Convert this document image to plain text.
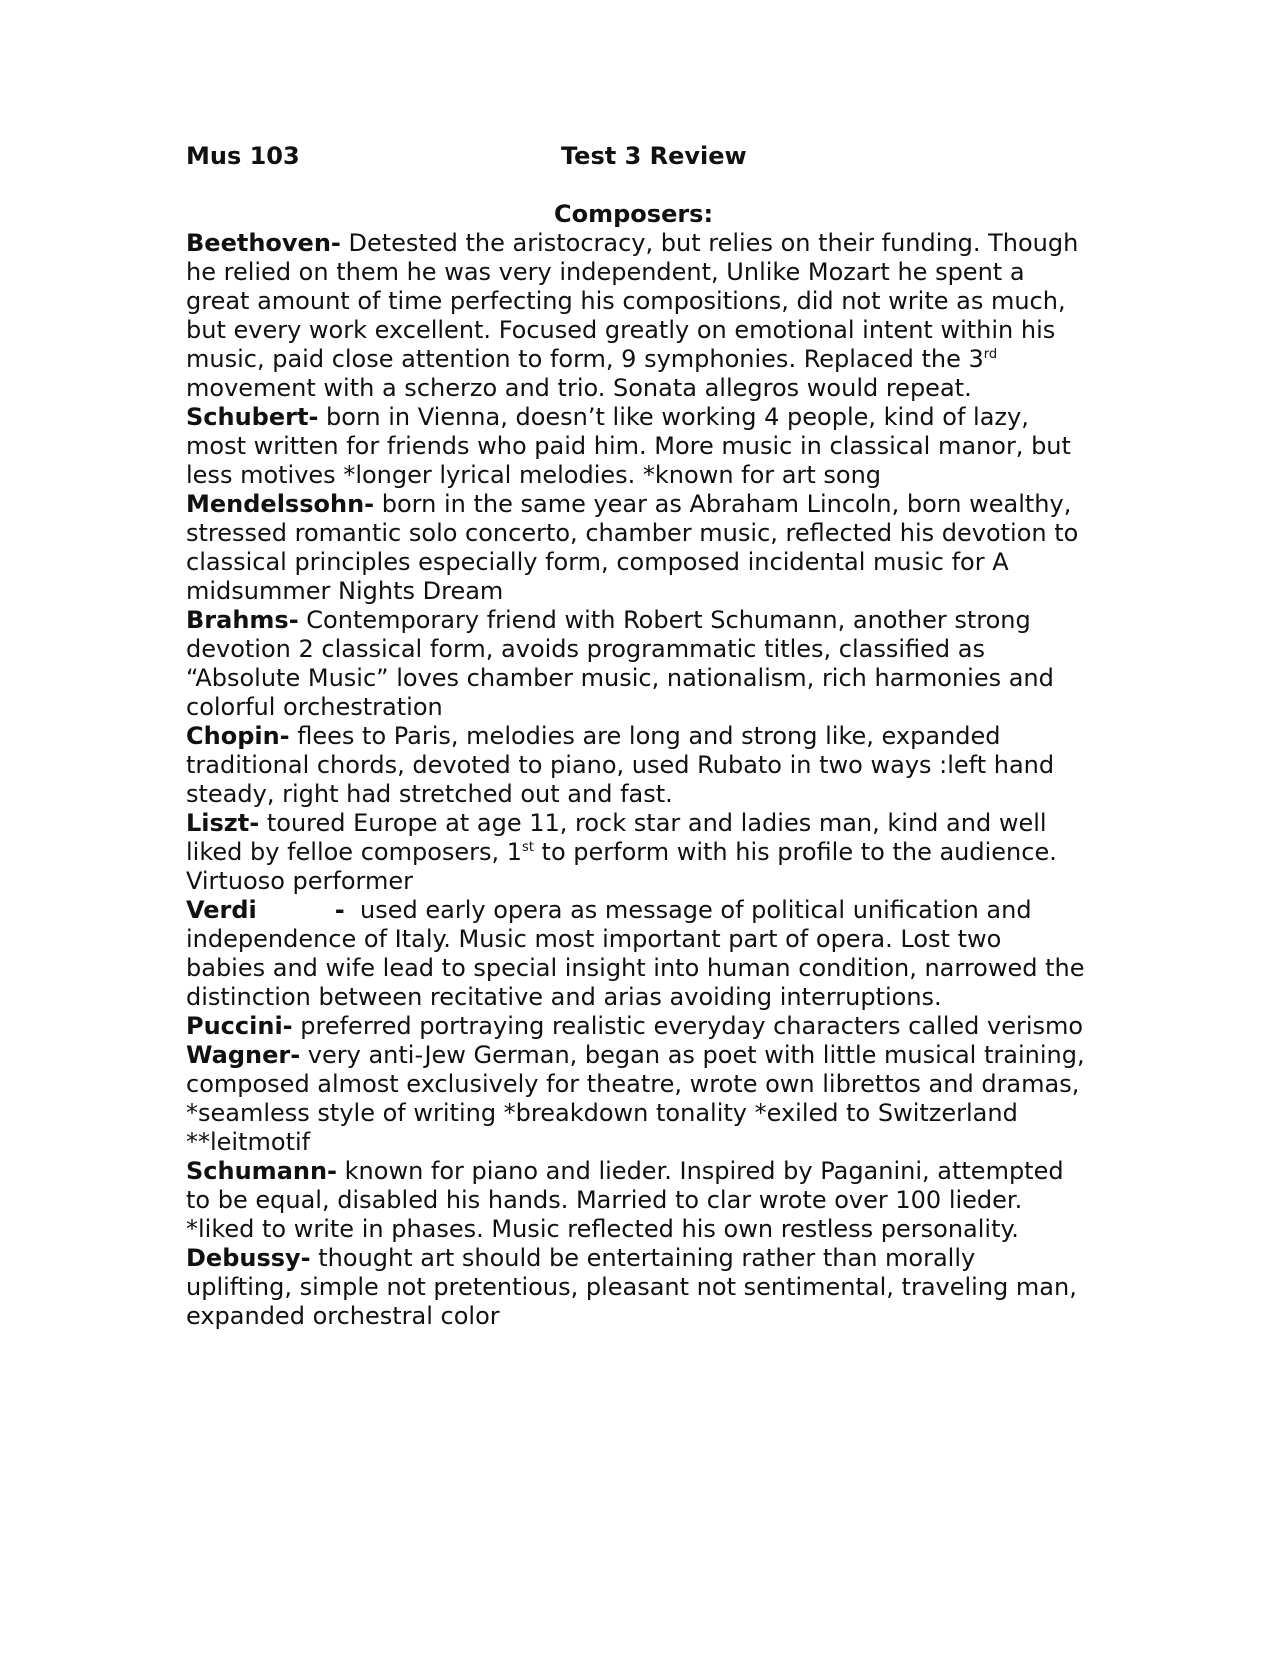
Mus 103	Test 3 Review
Composers:

Beethoven- Detested the aristocracy, but relies on their funding. Though he relied on them he was very independent, Unlike Mozart he spent a great amount of time perfecting his compositions, did not write as much, but every work excellent. Focused greatly on emotional intent within his music, paid close attention to form, 9 symphonies. Replaced the 3rd movement with a scherzo and trio. Sonata allegros would repeat.

Schubert- born in Vienna, doesn’t like working 4 people, kind of lazy, most written for friends who paid him. More music in classical manor, but less motives *longer lyrical melodies. *known for art song

Mendelssohn- born in the same year as Abraham Lincoln, born wealthy, stressed romantic solo concerto, chamber music, reflected his devotion to classical principles especially form, composed incidental music for A midsummer Nights Dream

Brahms- Contemporary friend with Robert Schumann, another strong devotion 2 classical form, avoids programmatic titles, classified as “Absolute Music” loves chamber music, nationalism, rich harmonies and colorful orchestration

Chopin- flees to Paris, melodies are long and strong like, expanded traditional chords, devoted to piano, used Rubato in two ways :left hand steady, right had stretched out and fast.

Liszt- toured Europe at age 11, rock star and ladies man, kind and well liked by felloe composers, 1st to perform with his profile to the audience. Virtuoso performer

Verdi	-  used early opera as message of political unification and independence of Italy. Music most important part of opera. Lost two babies and wife lead to special insight into human condition, narrowed the distinction between recitative and arias avoiding interruptions.

Puccini- preferred portraying realistic everyday characters called verismo

Wagner- very anti-Jew German, began as poet with little musical training, composed almost exclusively for theatre, wrote own librettos and dramas, *seamless style of writing *breakdown tonality *exiled to Switzerland **leitmotif

Schumann- known for piano and lieder. Inspired by Paganini, attempted to be equal, disabled his hands. Married to clar wrote over 100 lieder. *liked to write in phases. Music reflected his own restless personality.

Debussy- thought art should be entertaining rather than morally uplifting, simple not pretentious, pleasant not sentimental, traveling man, expanded orchestral color
